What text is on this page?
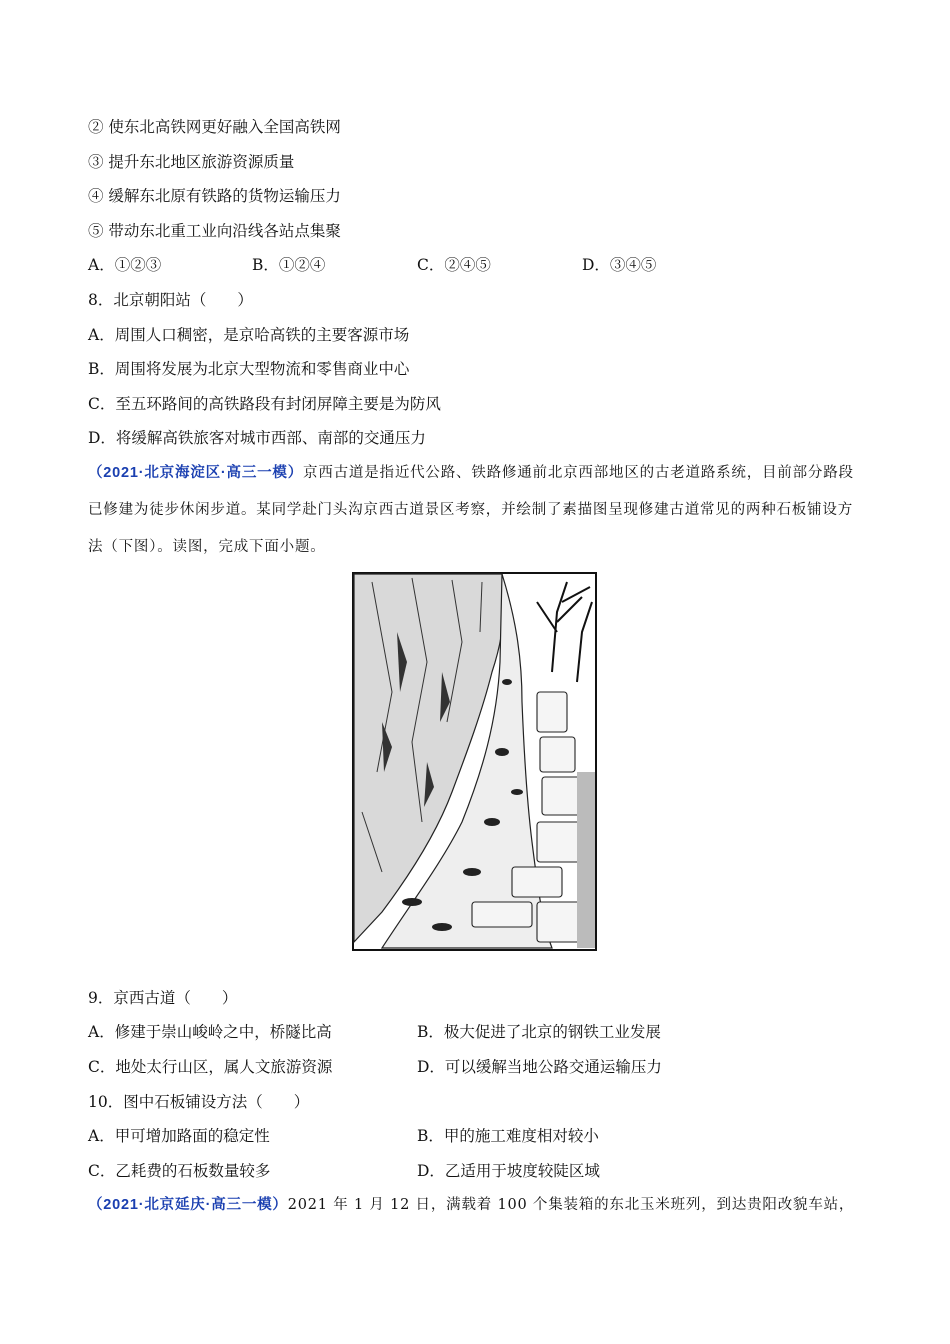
② 使东北高铁网更好融入全国高铁网
③ 提升东北地区旅游资源质量
④ 缓解东北原有铁路的货物运输压力
⑤ 带动东北重工业向沿线各站点集聚
A．①②③	B．①②④	C．②④⑤	D．③④⑤
8．北京朝阳站（　　）
A．周围人口稠密，是京哈高铁的主要客源市场
B．周围将发展为北京大型物流和零售商业中心
C．至五环路间的高铁路段有封闭屏障主要是为防风
D．将缓解高铁旅客对城市西部、南部的交通压力
（2021·北京海淀区·高三一模）京西古道是指近代公路、铁路修通前北京西部地区的古老道路系统，目前部分路段已修建为徒步休闲步道。某同学赴门头沟京西古道景区考察，并绘制了素描图呈现修建古道常见的两种石板铺设方法（下图）。读图，完成下面小题。
9．京西古道（　　）
A．修建于崇山峻岭之中，桥隧比高	B．极大促进了北京的钢铁工业发展
C．地处太行山区，属人文旅游资源	D．可以缓解当地公路交通运输压力
10．图中石板铺设方法（　　）
A．甲可增加路面的稳定性	B．甲的施工难度相对较小
C．乙耗费的石板数量较多	D．乙适用于坡度较陡区域
（2021·北京延庆·高三一模）2021 年 1 月 12 日，满载着 100 个集装箱的东北玉米班列，到达贵阳改貌车站，
